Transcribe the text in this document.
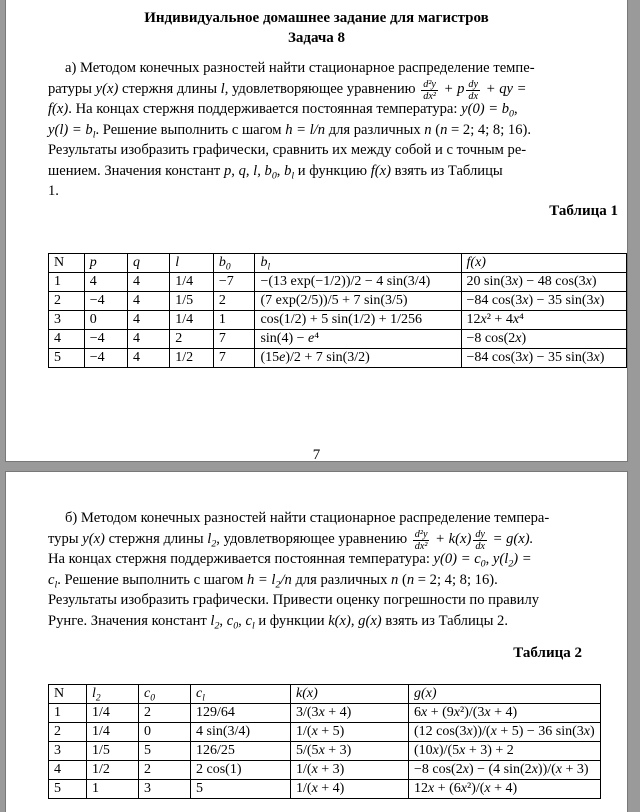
Индивидуальное домашнее задание для магистров
Задача 8
а) Методом конечных разностей найти стационарное распределение темпе-
ратуры y(x) стержня длины l, удовлетворяющее уравнению $\frac{\text{d²y}}{\text{dx²}} + p \frac{dy}{dx}$ + qy =
f(x). На концах стержня поддерживается постоянная температура: $y(0) = b_0$,
$y(l) = b_l$. Решение выполнить с шагом h = l/n для различных n (n = 2; 4; 8; 16).
Результаты изобразить графически, сравнить их между собой и с точным ре-
шением. Значения констант p, q, l, $b_0$, $b_l$ и функцию f(x) взять из Таблицы
1.
Таблица 1
N	p	q	l	$b_0$	$b_l$	f(x)
1	4	4	1/4	−7	−(13 exp(−1/2))/2 − 4 sin(3/4)	20 sin(3x) − 48 cos(3x)
2	−4	4	1/5	2	(7 exp(2/5))/5 + 7 sin(3/5)	−84 cos(3x) − 35 sin(3x)
3	0	4	1/4	1	cos(1/2) + 5 sin(1/2) + 1/256	12x² + 4x⁴
4	−4	4	2	7	sin(4) − e⁴	−8 cos(2x)
5	−4	4	1/2	7	(15e)/2 + 7 sin(3/2)	−84 cos(3x) − 35 sin(3x)
7
б) Методом конечных разностей найти стационарное распределение темпера-
туры y(x) стержня длины $l_2$, удовлетворяющее уравнению $\frac{\text{d²y}}{\text{dx²}} + k(x) \frac{dy}{dx} = g(x)$.
На концах стержня поддерживается постоянная температура: $y(0) = c_0$, $y(l_2)$ =
$c_l$. Решение выполнить с шагом $h = l_2/n$ для различных n (n = 2; 4; 8; 16).
Результаты изобразить графически. Привести оценку погрешности по правилу
Рунге. Значения констант $l_2$, $c_0$, $c_l$ и функции k(x), g(x) взять из Таблицы 2.
Таблица 2
N	$l_2$	$c_0$	$c_l$	k(x)	g(x)
1	1/4	2	129/64	3/(3x + 4)	6x + (9x²)/(3x + 4)
2	1/4	0	4 sin(3/4)	1/(x + 5)	(12 cos(3x))/(x + 5) − 36 sin(3x)
3	1/5	5	126/25	5/(5x + 3)	(10x)/(5x + 3) + 2
4	1/2	2	2 cos(1)	1/(x + 3)	−8 cos(2x) − (4 sin(2x))/(x + 3)
5	1	3	5	1/(x + 4)	12x + (6x²)/(x + 4)
